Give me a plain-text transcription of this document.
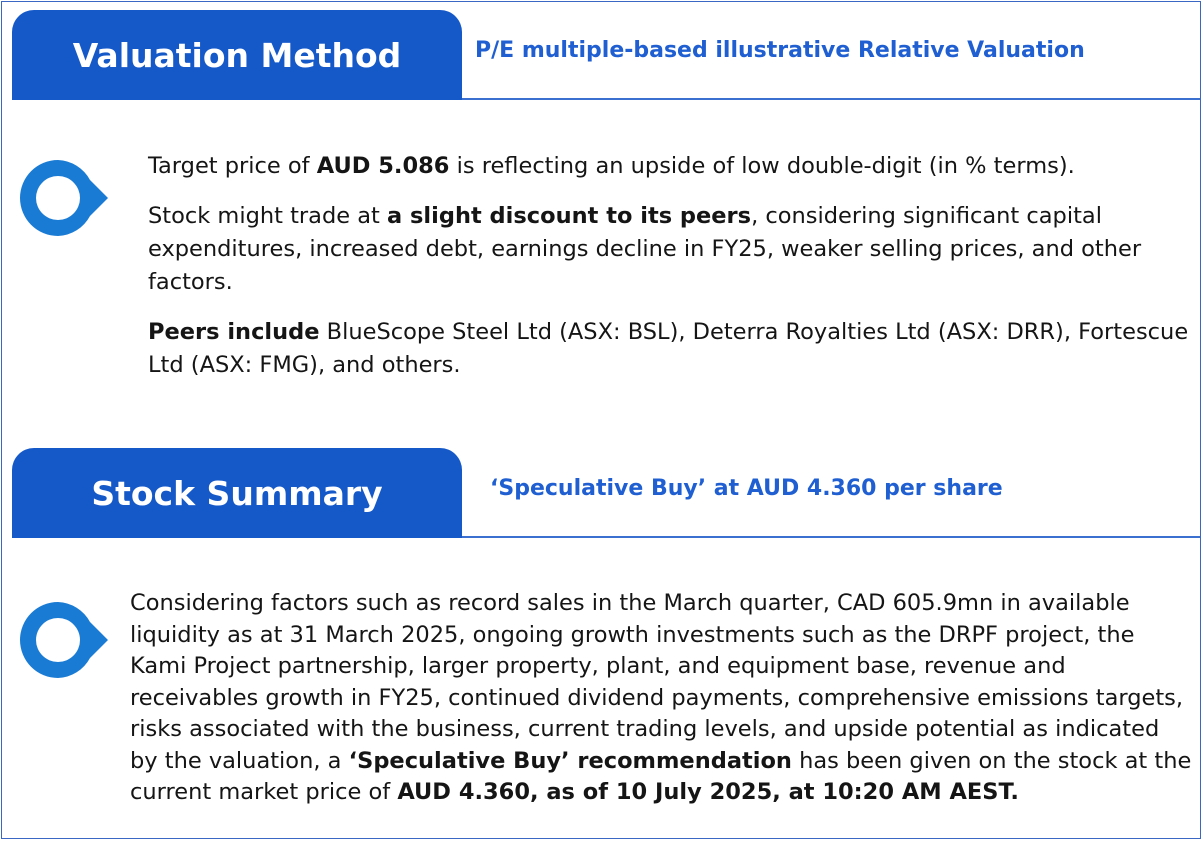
Valuation Method	P/E multiple-based illustrative Relative Valuation

Target price of AUD 5.086 is reflecting an upside of low double-digit (in % terms).

Stock might trade at a slight discount to its peers, considering significant capital expenditures, increased debt, earnings decline in FY25, weaker selling prices, and other factors.

Peers include BlueScope Steel Ltd (ASX: BSL), Deterra Royalties Ltd (ASX: DRR), Fortescue Ltd (ASX: FMG), and others.

Stock Summary	‘Speculative Buy’ at AUD 4.360 per share

Considering factors such as record sales in the March quarter, CAD 605.9mn in available liquidity as at 31 March 2025, ongoing growth investments such as the DRPF project, the Kami Project partnership, larger property, plant, and equipment base, revenue and receivables growth in FY25, continued dividend payments, comprehensive emissions targets, risks associated with the business, current trading levels, and upside potential as indicated by the valuation, a ‘Speculative Buy’ recommendation has been given on the stock at the current market price of AUD 4.360, as of 10 July 2025, at 10:20 AM AEST.
